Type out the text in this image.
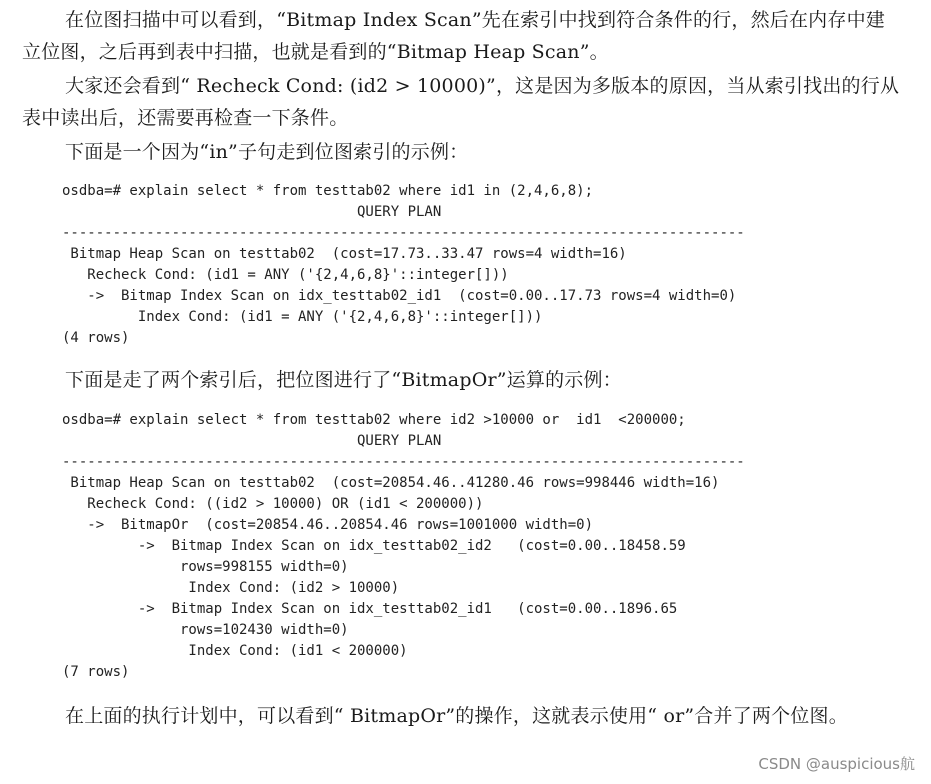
在位图扫描中可以看到，“Bitmap Index Scan”先在索引中找到符合条件的行，然后在内存中建立位图，之后再到表中扫描，也就是看到的“Bitmap Heap Scan”。

大家还会看到“ Recheck Cond: (id2 > 10000)”，这是因为多版本的原因，当从索引找出的行从表中读出后，还需要再检查一下条件。

下面是一个因为“in”子句走到位图索引的示例：

osdba=# explain select * from testtab02 where id1 in (2,4,6,8);
QUERY PLAN
---------------------------------------------------------------------------------
Bitmap Heap Scan on testtab02  (cost=17.73..33.47 rows=4 width=16)
Recheck Cond: (id1 = ANY ('{2,4,6,8}'::integer[]))
->  Bitmap Index Scan on idx_testtab02_id1  (cost=0.00..17.73 rows=4 width=0)
Index Cond: (id1 = ANY ('{2,4,6,8}'::integer[]))
(4 rows)

下面是走了两个索引后，把位图进行了“BitmapOr”运算的示例：

osdba=# explain select * from testtab02 where id2 >10000 or  id1  <200000;
QUERY PLAN
---------------------------------------------------------------------------------
Bitmap Heap Scan on testtab02  (cost=20854.46..41280.46 rows=998446 width=16)
Recheck Cond: ((id2 > 10000) OR (id1 < 200000))
->  BitmapOr  (cost=20854.46..20854.46 rows=1001000 width=0)
->  Bitmap Index Scan on idx_testtab02_id2   (cost=0.00..18458.59
rows=998155 width=0)
Index Cond: (id2 > 10000)
->  Bitmap Index Scan on idx_testtab02_id1   (cost=0.00..1896.65
rows=102430 width=0)
Index Cond: (id1 < 200000)
(7 rows)

在上面的执行计划中，可以看到“ BitmapOr”的操作，这就表示使用“ or”合并了两个位图。

CSDN @auspicious航
